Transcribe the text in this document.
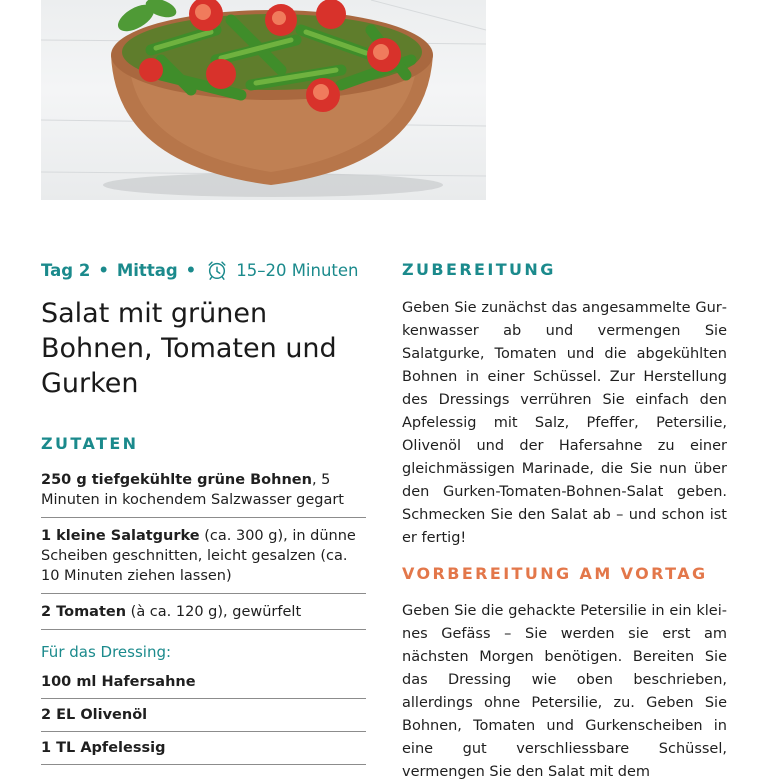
Tag 2 • Mittag • 15–20 Minuten
Salat mit grünen Bohnen, Tomaten und Gurken
ZUTATEN
250 g tiefgekühlte grüne Bohnen, 5 Minuten in kochendem Salzwasser gegart
1 kleine Salatgurke (ca. 300 g), in dünne Scheiben geschnitten, leicht gesalzen (ca. 10 Minuten ziehen lassen)
2 Tomaten (à ca. 120 g), gewürfelt
Für das Dressing:
100 ml Hafersahne
2 EL Olivenöl
1 TL Apfelessig
ZUBEREITUNG
Geben Sie zunächst das angesammelte Gurkenwasser ab und vermengen Sie Salatgurke, Tomaten und die abgekühlten Bohnen in einer Schüssel. Zur Herstellung des Dressings verrühren Sie einfach den Apfelessig mit Salz, Pfeffer, Petersilie, Olivenöl und der Hafersahne zu einer gleichmässigen Marinade, die Sie nun über den Gurken-Tomaten-Bohnen-Salat geben. Schmecken Sie den Salat ab – und schon ist er fertig!
VORBEREITUNG AM VORTAG
Geben Sie die gehackte Petersilie in ein kleines Gefäss – Sie werden sie erst am nächsten Morgen benötigen. Bereiten Sie das Dressing wie oben beschrieben, allerdings ohne Petersilie, zu. Geben Sie Bohnen, Tomaten und Gurkenscheiben in eine gut verschliessbare Schüssel, vermengen Sie den Salat mit dem
